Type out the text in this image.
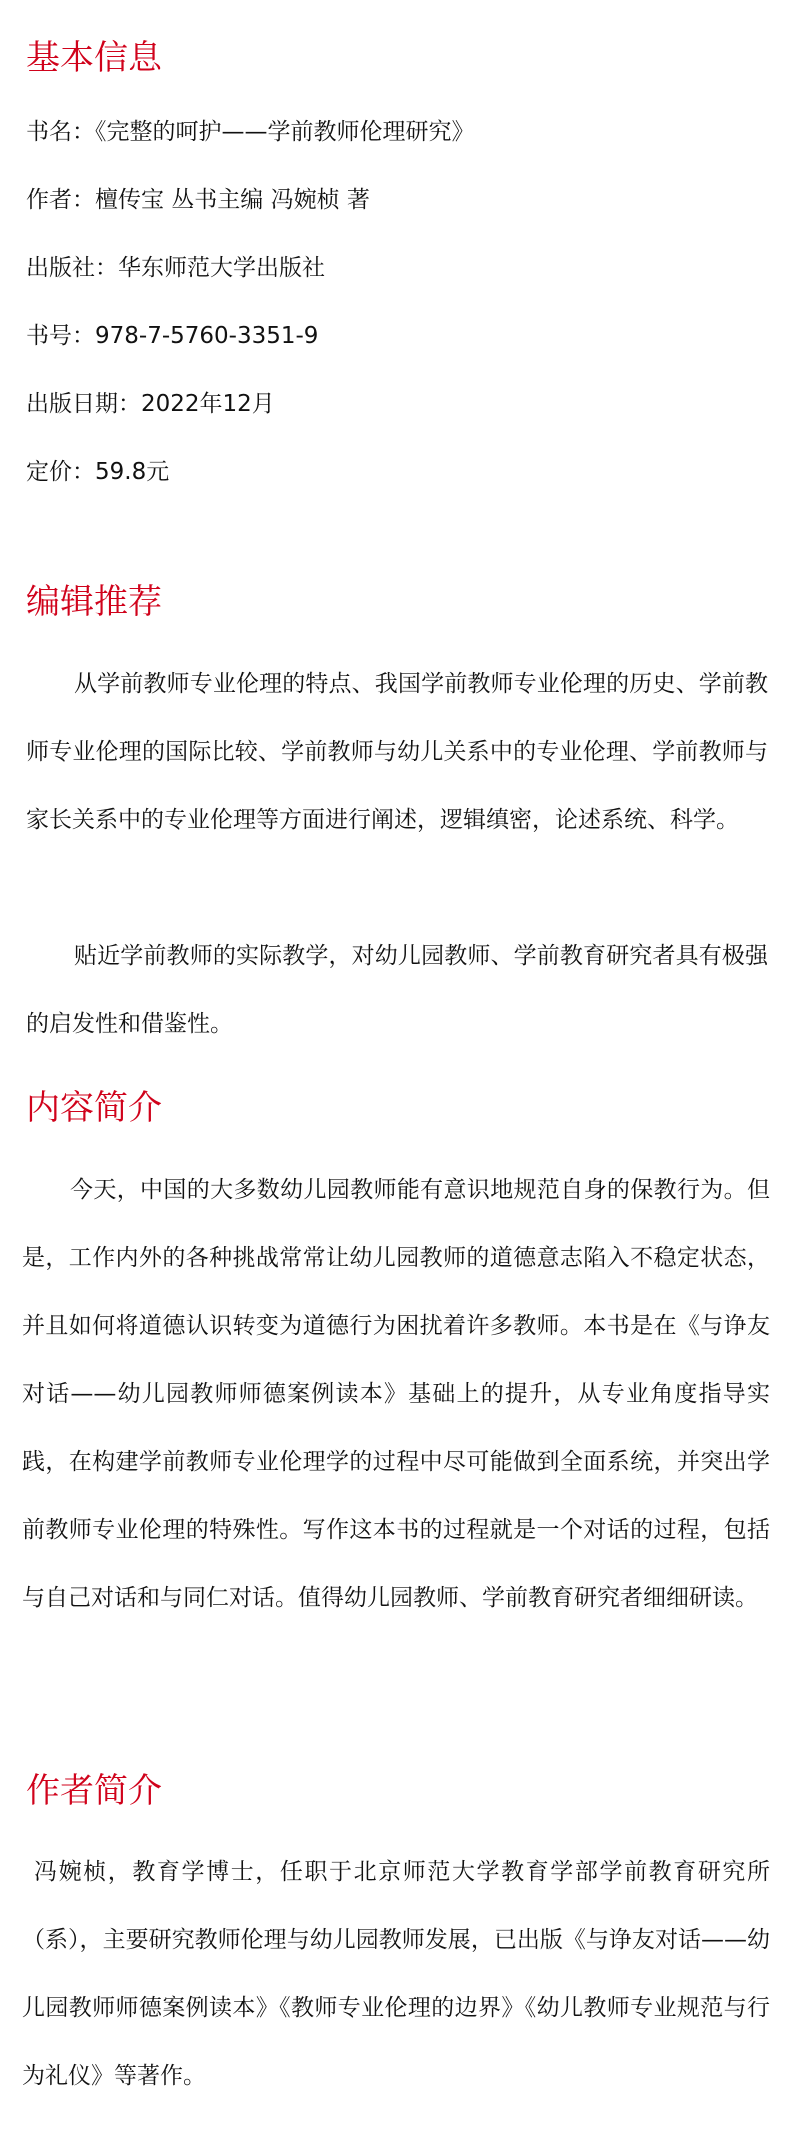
基本信息

书名：《完整的呵护——学前教师伦理研究》

作者：檀传宝 丛书主编 冯婉桢 著

出版社：华东师范大学出版社

书号：978-7-5760-3351-9

出版日期：2022年12月

定价：59.8元

编辑推荐

从学前教师专业伦理的特点、我国学前教师专业伦理的历史、学前教师专业伦理的国际比较、学前教师与幼儿关系中的专业伦理、学前教师与家长关系中的专业伦理等方面进行阐述，逻辑缜密，论述系统、科学。

贴近学前教师的实际教学，对幼儿园教师、学前教育研究者具有极强的启发性和借鉴性。

内容简介

今天，中国的大多数幼儿园教师能有意识地规范自身的保教行为。但是，工作内外的各种挑战常常让幼儿园教师的道德意志陷入不稳定状态，并且如何将道德认识转变为道德行为困扰着许多教师。本书是在《与诤友对话——幼儿园教师师德案例读本》基础上的提升，从专业角度指导实践，在构建学前教师专业伦理学的过程中尽可能做到全面系统，并突出学前教师专业伦理的特殊性。写作这本书的过程就是一个对话的过程，包括与自己对话和与同仁对话。值得幼儿园教师、学前教育研究者细细研读。

作者简介

冯婉桢，教育学博士，任职于北京师范大学教育学部学前教育研究所（系），主要研究教师伦理与幼儿园教师发展，已出版《与诤友对话——幼儿园教师师德案例读本》《教师专业伦理的边界》《幼儿教师专业规范与行为礼仪》等著作。
